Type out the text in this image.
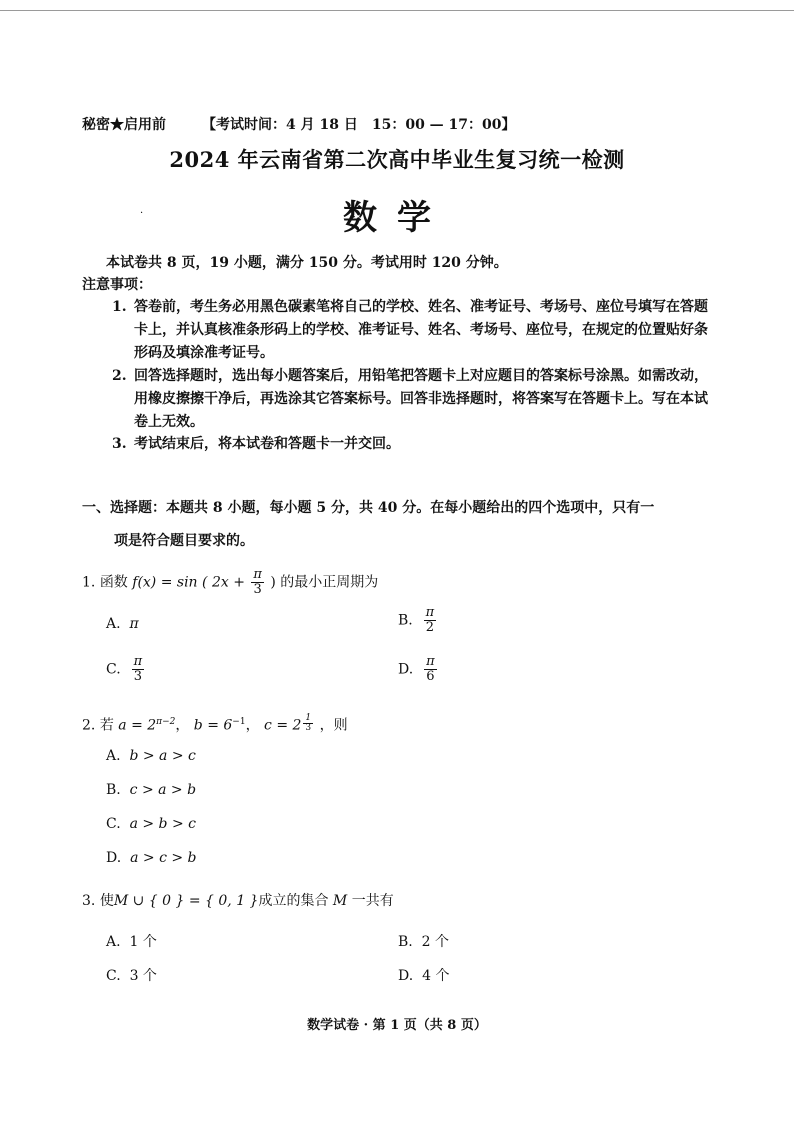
秘密★启用前	【考试时间：4 月 18 日　15：00 — 17：00】
2024 年云南省第二次高中毕业生复习统一检测
·	数学
本试卷共 8 页，19 小题，满分 150 分。考试用时 120 分钟。
注意事项：
1. 答卷前，考生务必用黑色碳素笔将自己的学校、姓名、准考证号、考场号、座位号填写在答题卡上，并认真核准条形码上的学校、准考证号、姓名、考场号、座位号，在规定的位置贴好条形码及填涂准考证号。
2. 回答选择题时，选出每小题答案后，用铅笔把答题卡上对应题目的答案标号涂黑。如需改动，用橡皮擦擦干净后，再选涂其它答案标号。回答非选择题时，将答案写在答题卡上。写在本试卷上无效。
3. 考试结束后，将本试卷和答题卡一并交回。
一、选择题：本题共 8 小题，每小题 5 分，共 40 分。在每小题给出的四个选项中，只有一
项是符合题目要求的。
1. 函数 f(x) = sin ( $2x + \frac{\pi}{3}$ ) 的最小正周期为
A. π	B. $\frac{\pi}{2}$
C. $\frac{\pi}{3}$	D. $\frac{\pi}{6}$
2. 若 $a = 2^{\pi-2}$， $b = 6^{-1}$， c = 2 $^{\frac{1}{3}}$ ，则
A. b > a > c
B. c > a > b
C. a > b > c
D. a > c > b
3. 使M ∪ { 0 } = { 0, 1 }成立的集合 M 一共有
A. 1 个	B. 2 个
C. 3 个	D. 4 个
数学试卷 · 第 1 页（共 8 页）
